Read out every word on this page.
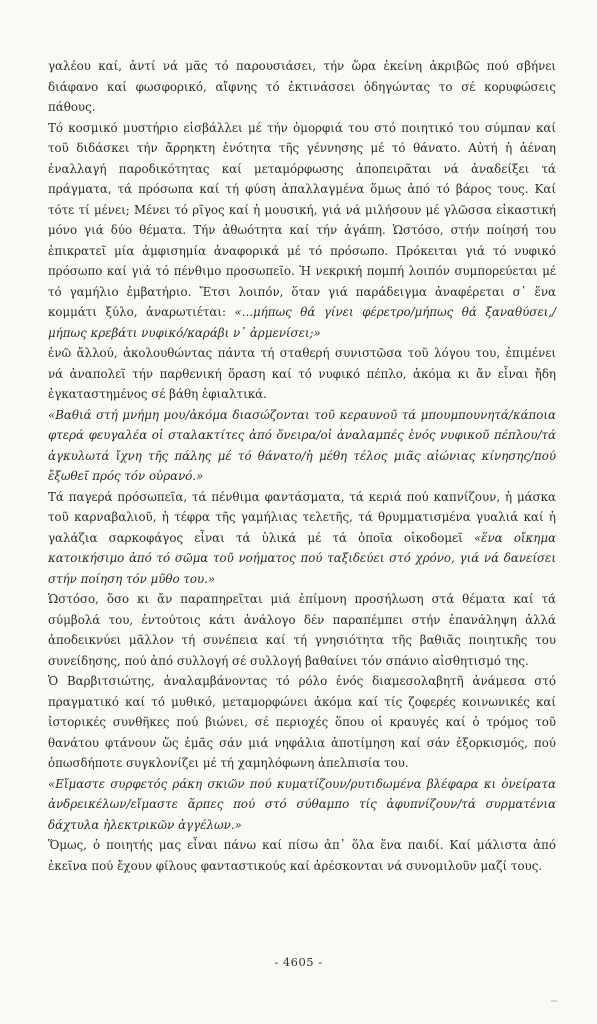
γαλέου καί, ἀντί νά μᾶς τό παρουσιάσει, τήν ὥρα ἐκείνη ἀκριβῶς πού σβήνει διάφανο καί φωσφορικό, αἴφνης τό ἐκτινάσσει ὁδηγώντας το σέ κορυφώσεις πάθους.

Τό κοσμικό μυστήριο εἰσβάλλει μέ τήν ὀμορφιά του στό ποιητικό του σύμπαν καί τοῦ διδάσκει τήν ἄρρηκτη ἑνότητα τῆς γέννησης μέ τό θάνατο. Αὐτή ἡ ἀέναη ἐναλλαγή παροδικότητας καί μεταμόρφωσης ἀποπειρᾶται νά ἀναδείξει τά πράγματα, τά πρόσωπα καί τή φύση ἀπαλλαγμένα ὅμως ἀπό τό βάρος τους. Καί τότε τί μένει; Μένει τό ρῖγος καί ἡ μουσική, γιά νά μιλήσουν μέ γλῶσσα εἰκαστική μόνο γιά δύο θέματα. Τήν ἀθωότητα καί τήν ἀγάπη. Ὡστόσο, στήν ποίησή του ἐπικρατεῖ μία ἀμφισημία ἀναφορικά μέ τό πρόσωπο. Πρόκειται γιά τό νυφικό πρόσωπο καί γιά τό πένθιμο προσωπεῖο. Ἡ νεκρική πομπή λοιπόν συμπορεύεται μέ τό γαμήλιο ἐμβατήριο. Ἔτσι λοιπόν, ὅταν γιά παράδειγμα ἀναφέρεται σ᾽ ἕνα κομμάτι ξύλο, ἀναρωτιέται: «...μήπως θά γίνει φέρετρο/μήπως θά ξαναθύσει,/μήπως κρεβάτι νυφικό/καράβι ν᾽ ἀρμενίσει;»

ἐνῶ ἄλλού, ἀκολουθώντας πάντα τή σταθερή συνιστῶσα τοῦ λόγου του, ἐπιμένει νά ἀναπολεῖ τήν παρθενική ὅραση καί τό νυφικό πέπλο, ἀκόμα κι ἄν εἶναι ἤδη ἐγκαταστημένος σέ βάθη ἐφιαλτικά.

«Βαθιά στή μνήμη μου/ἀκόμα διασώζονται τοῦ κεραυνοῦ τά μπουμπουνητά/κάποια φτερά φευγαλέα οἱ σταλακτίτες ἀπό ὄνειρα/οἱ ἀναλαμπές ἑνός νυφικοῦ πέπλου/τά ἀγκυλωτά ἴχνη τῆς πάλης μέ τό θάνατο/ἡ μέθη τέλος μιᾶς αἰώνιας κίνησης/πού ἔξωθεῖ πρός τόν οὐρανό.»

Τά παγερά πρόσωπεῖα, τά πένθιμα φαντάσματα, τά κεριά πού καπνίζουν, ἡ μάσκα τοῦ καρναβαλιοῦ, ἡ τέφρα τῆς γαμήλιας τελετῆς, τά θρυμματισμένα γυαλιά καί ἡ γαλάζια σαρκοφάγος εἶναι τά ὑλικά μέ τά ὁποῖα οἰκοδομεῖ «ἕνα οἴκημα κατοικήσιμο ἀπό τό σῶμα τοῦ νοήματος πού ταξιδεύει στό χρόνο, γιά νά δανείσει στήν ποίηση τόν μῦθο του.»

Ὡστόσο, ὅσο κι ἄν παραπηρεῖται μιά ἐπίμονη προσήλωση στά θέματα καί τά σύμβολά του, ἐντούτοις κάτι ἀνάλογο δέν παραπέμπει στήν ἐπανάληψη ἀλλά ἀποδεικνύει μᾶλλον τή συνέπεια καί τή γνησιότητα τῆς βαθιᾶς ποιητικῆς του συνείδησης, πού ἀπό συλλογή σέ συλλογή βαθαίνει τόν σπάνιο αἰσθητισμό της.

Ὁ Βαρβιτσιώτης, ἀναλαμβάνοντας τό ρόλο ἑνός διαμεσολαβητῆ ἀνάμεσα στό πραγματικό καί τό μυθικό, μεταμορφώνει ἀκόμα καί τίς ζοφερές κοινωνικές καί ἱστορικές συνθῆκες πού βιώνει, σέ περιοχές ὅπου οἱ κραυγές καί ὁ τρόμος τοῦ θανάτου φτάνουν ὥς ἐμᾶς σάν μιά νηφάλια ἀποτίμηση καί σάν ἐξορκισμός, πού ὁπωσδήποτε συγκλονίζει μέ τή χαμηλόφωνη ἀπελπισία του.

«Εἴμαστε συρφετός ράκη σκιῶν πού κυματίζουν/ρυτιδωμένα βλέφαρα κι ὀνείρατα ἀνδρεικέλων/εἴμαστε ἅρπες πού στό σύθαμπο τίς ἀφυπνίζουν/τά συρματένια δάχτυλα ἠλεκτρικῶν ἀγγέλων.»

Ὅμως, ὁ ποιητής μας εἶναι πάνω καί πίσω ἀπ᾽ ὅλα ἕνα παιδί. Καί μάλιστα ἀπό ἐκεῖνα πού ἔχουν φίλους φανταστικούς καί ἀρέσκονται νά συνομιλοῦν μαζί τους.

- 4605 -
